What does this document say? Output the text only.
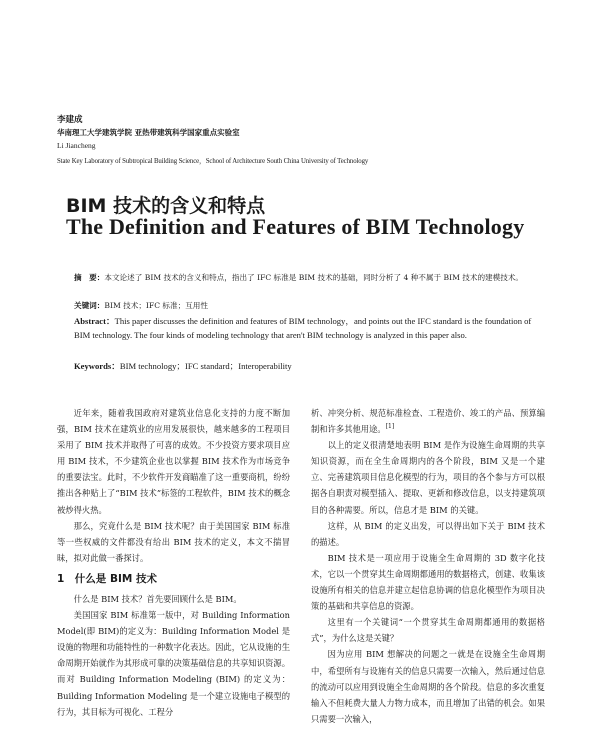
李建成
华南理工大学建筑学院 亚热带建筑科学国家重点实验室
Li Jiancheng
State Key Laboratory of Subtropical Building Science，School of Architecture South China University of Technology
BIM 技术的含义和特点
The Definition and Features of BIM Technology
摘　要：本文论述了 BIM 技术的含义和特点，指出了 IFC 标准是 BIM 技术的基础，同时分析了 4 种不属于 BIM 技术的建模技术。
关键词：BIM 技术；IFC 标准；互用性
Abstract：This paper discusses the definition and features of BIM technology，and points out the IFC standard is the foundation of BIM technology. The four kinds of modeling technology that aren't BIM technology is analyzed in this paper also.
Keywords：BIM technology；IFC standard；Interoperability

近年来，随着我国政府对建筑业信息化支持的力度不断加强，BIM 技术在建筑业的应用发展很快，越来越多的工程项目采用了 BIM 技术并取得了可喜的成效。不少投资方要求项目应用 BIM 技术，不少建筑企业也以掌握 BIM 技术作为市场竞争的重要法宝。此时，不少软件开发商瞄准了这一重要商机，纷纷推出各种贴上了“BIM 技术”标签的工程软件，BIM 技术的概念被炒得火热。

那么，究竟什么是 BIM 技术呢？由于美国国家 BIM 标准等一些权威的文件都没有给出 BIM 技术的定义，本文不揣冒昧，拟对此做一番探讨。

1　什么是 BIM 技术

什么是 BIM 技术？首先要回顾什么是 BIM。

美国国家 BIM 标准第一版中，对 Building Information Model(即 BIM)的定义为：Building Information Model 是设施的物理和功能特性的一种数字化表达。因此，它从设施的生命周期开始就作为其形成可靠的决策基础信息的共享知识资源。而对 Building Information Modeling (BIM) 的定义为：Building Information Modeling 是一个建立设施电子模型的行为，其目标为可视化、工程分

析、冲突分析、规范标准检查、工程造价、竣工的产品、预算编制和许多其他用途。[1]

以上的定义很清楚地表明 BIM 是作为设施生命周期的共享知识资源，而在全生命周期内的各个阶段，BIM 又是一个建立、完善建筑项目信息化模型的行为，项目的各个参与方可以根据各自职责对模型插入、提取、更新和修改信息，以支持建筑项目的各种需要。所以，信息才是 BIM 的关键。

这样，从 BIM 的定义出发，可以得出如下关于 BIM 技术的描述。

BIM 技术是一项应用于设施全生命周期的 3D 数字化技术，它以一个贯穿其生命周期都通用的数据格式，创建、收集该设施所有相关的信息并建立起信息协调的信息化模型作为项目决策的基础和共享信息的资源。

这里有一个关键词“一个贯穿其生命周期都通用的数据格式”，为什么这是关键？

因为应用 BIM 想解决的问题之一就是在设施全生命周期中，希望所有与设施有关的信息只需要一次输入，然后通过信息的流动可以应用到设施全生命周期的各个阶段。信息的多次重复输入不但耗费大量人力物力成本，而且增加了出错的机会。如果只需要一次输入，
